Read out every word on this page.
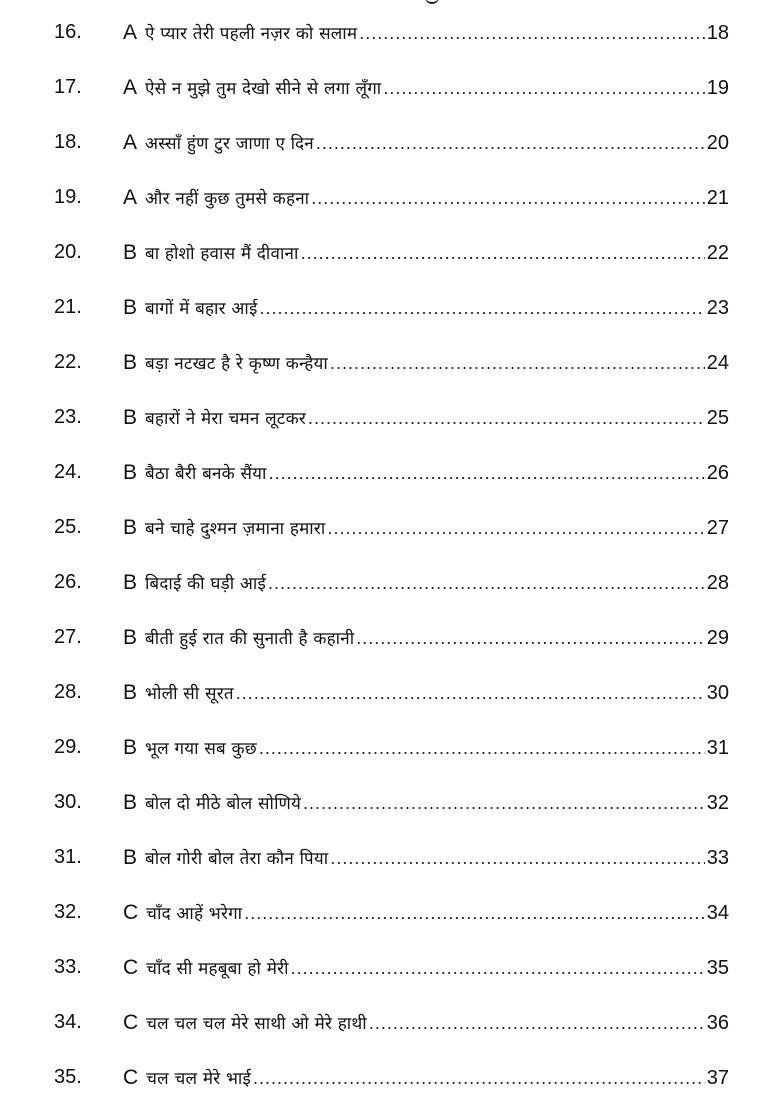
16.	A ऐ प्यार तेरी पहली नज़र को सलाम .....	18
17.	A ऐसे न मुझे तुम देखो सीने से लगा लूँगा .....	19
18.	A अस्साँ हुंण टुर जाणा ए दिन .....	20
19.	A और नहीं कुछ तुमसे कहना .....	21
20.	B बा होशो हवास मैं दीवाना .....	22
21.	B बागों में बहार आई .....	23
22.	B बड़ा नटखट है रे कृष्ण कन्हैया .....	24
23.	B बहारों ने मेरा चमन लूटकर .....	25
24.	B बैठा बैरी बनके सैंया .....	26
25.	B बने चाहे दुश्मन ज़माना हमारा .....	27
26.	B बिदाई की घड़ी आई .....	28
27.	B बीती हुई रात की सुनाती है कहानी .....	29
28.	B भोली सी सूरत .....	30
29.	B भूल गया सब कुछ .....	31
30.	B बोल दो मीठे बोल सोणिये .....	32
31.	B बोल गोरी बोल तेरा कौन पिया .....	33
32.	C चाँद आहें भरेगा .....	34
33.	C चाँद सी महबूबा हो मेरी .....	35
34.	C चल चल चल मेरे साथी ओ मेरे हाथी .....	36
35.	C चल चल मेरे भाई .....	37
